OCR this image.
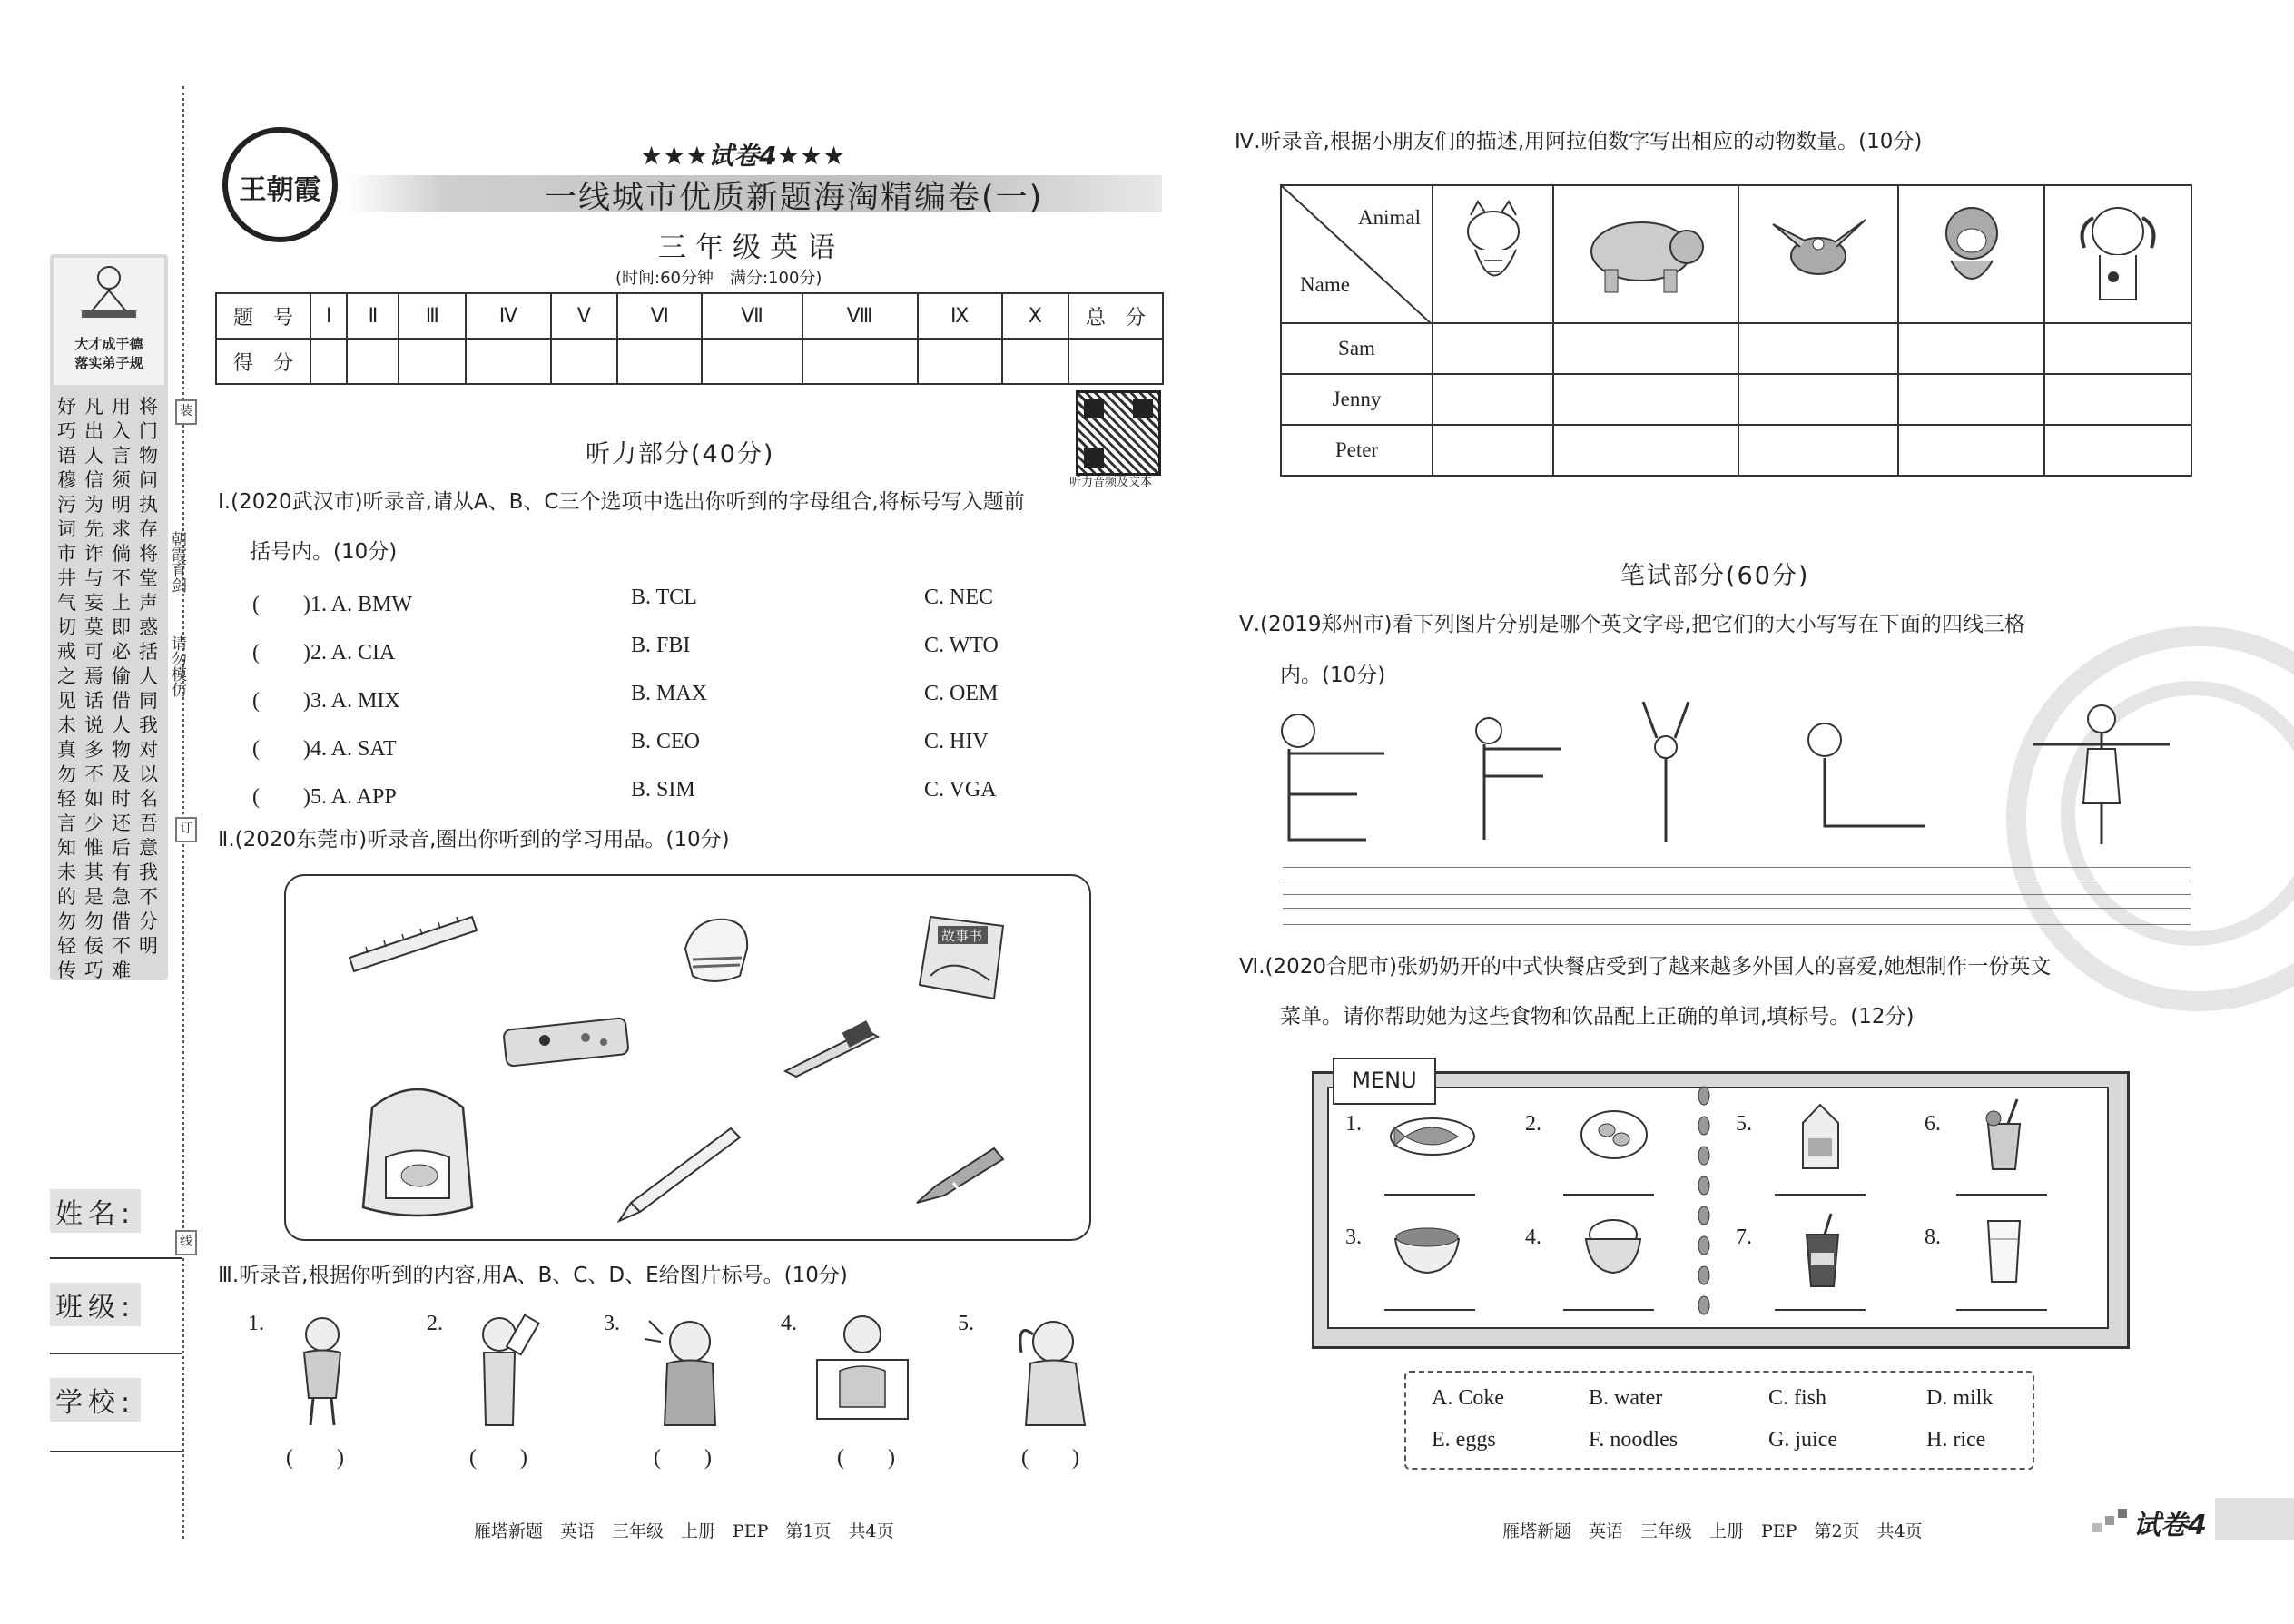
大才成于德
落实弟子规
妤巧语 穆污词 市井气 切戒之 见未真 勿轻言 知未的 勿轻传
凡出人 信为先 诈与妄 莫可焉 话说多 不如少 惟其是 勿佞巧
用入言 须明求 倘不上 即必偷 借人物 及时还 后有急 借不难
将门物 问执存 将堂 声惑括 人同我 对以名 吾意我 不分明
装
订
线
朝霞育剑
请勿模仿
姓名:
班级:
学校:
王朝霞
★★★试卷4★★★
一线城市优质新题海淘精编卷(一)
三年级英语
(时间:60分钟　满分:100分)
题　号	Ⅰ	Ⅱ	Ⅲ	Ⅳ	Ⅴ	Ⅵ	Ⅶ	Ⅷ	Ⅸ	Ⅹ	总　分
得　分											
听力音频及文本
听力部分(40分)
Ⅰ.(2020武汉市)听录音,请从A、B、C三个选项中选出你听到的字母组合,将标号写入题前
括号内。(10分)
(　　)1. A. BMW	B. TCL	C. NEC
(　　)2. A. CIA	B. FBI	C. WTO
(　　)3. A. MIX	B. MAX	C. OEM
(　　)4. A. SAT	B. CEO	C. HIV
(　　)5. A. APP	B. SIM	C. VGA
Ⅱ.(2020东莞市)听录音,圈出你听到的学习用品。(10分)
故事书
Ⅲ.听录音,根据你听到的内容,用A、B、C、D、E给图片标号。(10分)
1.	2.	3.	4.	5.
(　　)	(　　)	(　　)	(　　)	(　　)
雁塔新题　英语　三年级　上册　PEP　第1页　共4页
Ⅳ.听录音,根据小朋友们的描述,用阿拉伯数字写出相应的动物数量。(10分)
Animal
Name

Sam					
Jenny					
Peter					
笔试部分(60分)
Ⅴ.(2019郑州市)看下列图片分别是哪个英文字母,把它们的大小写写在下面的四线三格
内。(10分)
Ⅵ.(2020合肥市)张奶奶开的中式快餐店受到了越来越多外国人的喜爱,她想制作一份英文
菜单。请你帮助她为这些食物和饮品配上正确的单词,填标号。(12分)
MENU
1.	2.	5.	6.
3.	4.	7.	8.
A. Coke	B. water	C. fish	D. milk
E. eggs	F. noodles	G. juice	H. rice
雁塔新题　英语　三年级　上册　PEP　第2页　共4页	试卷4
